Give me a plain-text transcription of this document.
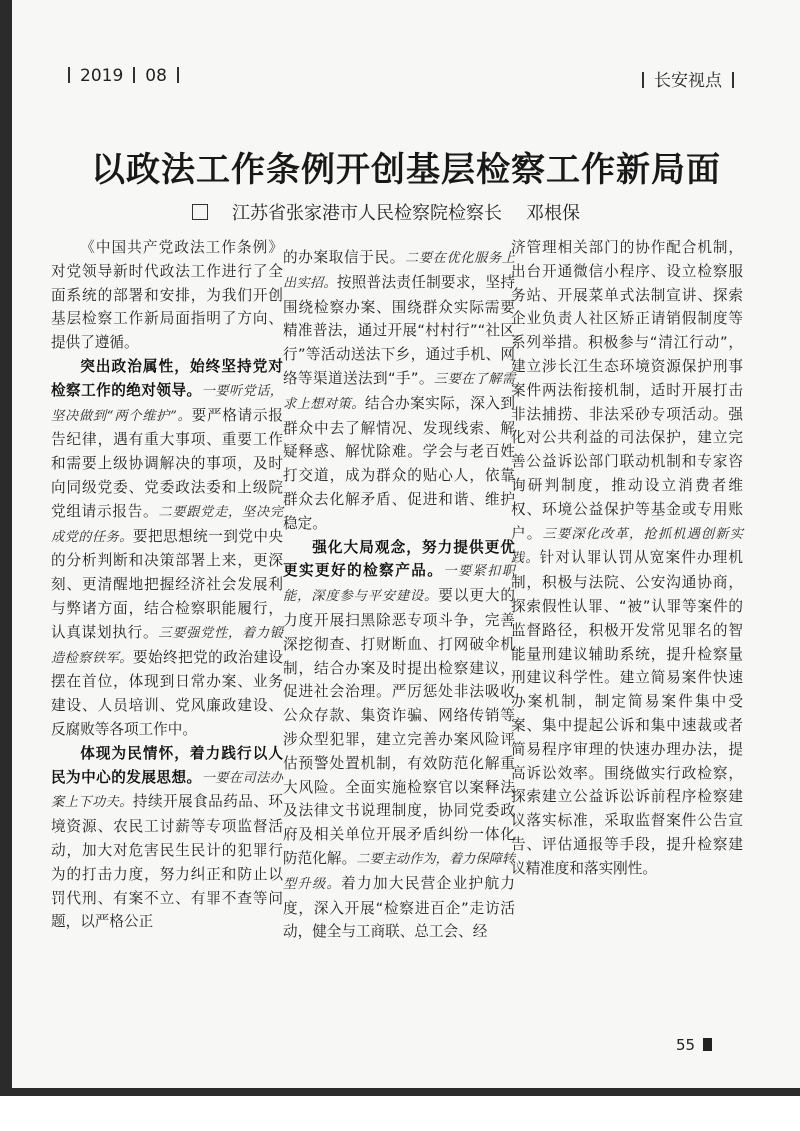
2019 08	长安视点
以政法工作条例开创基层检察工作新局面
江苏省张家港市人民检察院检察长 邓根保

《中国共产党政法工作条例》对党领导新时代政法工作进行了全面系统的部署和安排，为我们开创基层检察工作新局面指明了方向、提供了遵循。

突出政治属性，始终坚持党对检察工作的绝对领导。一要听党话，坚决做到“两个维护”。要严格请示报告纪律，遇有重大事项、重要工作和需要上级协调解决的事项，及时向同级党委、党委政法委和上级院党组请示报告。二要跟党走，坚决完成党的任务。要把思想统一到党中央的分析判断和决策部署上来，更深刻、更清醒地把握经济社会发展利与弊诸方面，结合检察职能履行，认真谋划执行。三要强党性，着力锻造检察铁军。要始终把党的政治建设摆在首位，体现到日常办案、业务建设、人员培训、党风廉政建设、反腐败等各项工作中。

体现为民情怀，着力践行以人民为中心的发展思想。一要在司法办案上下功夫。持续开展食品药品、环境资源、农民工讨薪等专项监督活动，加大对危害民生民计的犯罪行为的打击力度，努力纠正和防止以罚代刑、有案不立、有罪不查等问题，以严格公正

的办案取信于民。二要在优化服务上出实招。按照普法责任制要求，坚持围绕检察办案、围绕群众实际需要精准普法，通过开展“村村行”“社区行”等活动送法下乡，通过手机、网络等渠道送法到“手”。三要在了解需求上想对策。结合办案实际，深入到群众中去了解情况、发现线索、解疑释惑、解忧除难。学会与老百姓打交道，成为群众的贴心人，依靠群众去化解矛盾、促进和谐、维护稳定。

强化大局观念，努力提供更优更实更好的检察产品。一要紧扣职能，深度参与平安建设。要以更大的力度开展扫黑除恶专项斗争，完善深挖彻查、打财断血、打网破伞机制，结合办案及时提出检察建议，促进社会治理。严厉惩处非法吸收公众存款、集资诈骗、网络传销等涉众型犯罪，建立完善办案风险评估预警处置机制，有效防范化解重大风险。全面实施检察官以案释法及法律文书说理制度，协同党委政府及相关单位开展矛盾纠纷一体化防范化解。二要主动作为，着力保障转型升级。着力加大民营企业护航力度，深入开展“检察进百企”走访活动，健全与工商联、总工会、经

济管理相关部门的协作配合机制，出台开通微信小程序、设立检察服务站、开展菜单式法制宣讲、探索企业负责人社区矫正请销假制度等系列举措。积极参与“清江行动”，建立涉长江生态环境资源保护刑事案件两法衔接机制，适时开展打击非法捕捞、非法采砂专项活动。强化对公共利益的司法保护，建立完善公益诉讼部门联动机制和专家咨询研判制度，推动设立消费者维权、环境公益保护等基金或专用账户。三要深化改革，抢抓机遇创新实践。针对认罪认罚从宽案件办理机制，积极与法院、公安沟通协商，探索假性认罪、“被”认罪等案件的监督路径，积极开发常见罪名的智能量刑建议辅助系统，提升检察量刑建议科学性。建立简易案件快速办案机制，制定简易案件集中受案、集中提起公诉和集中速裁或者简易程序审理的快速办理办法，提高诉讼效率。围绕做实行政检察，探索建立公益诉讼诉前程序检察建议落实标准，采取监督案件公告宣告、评估通报等手段，提升检察建议精准度和落实刚性。

55
